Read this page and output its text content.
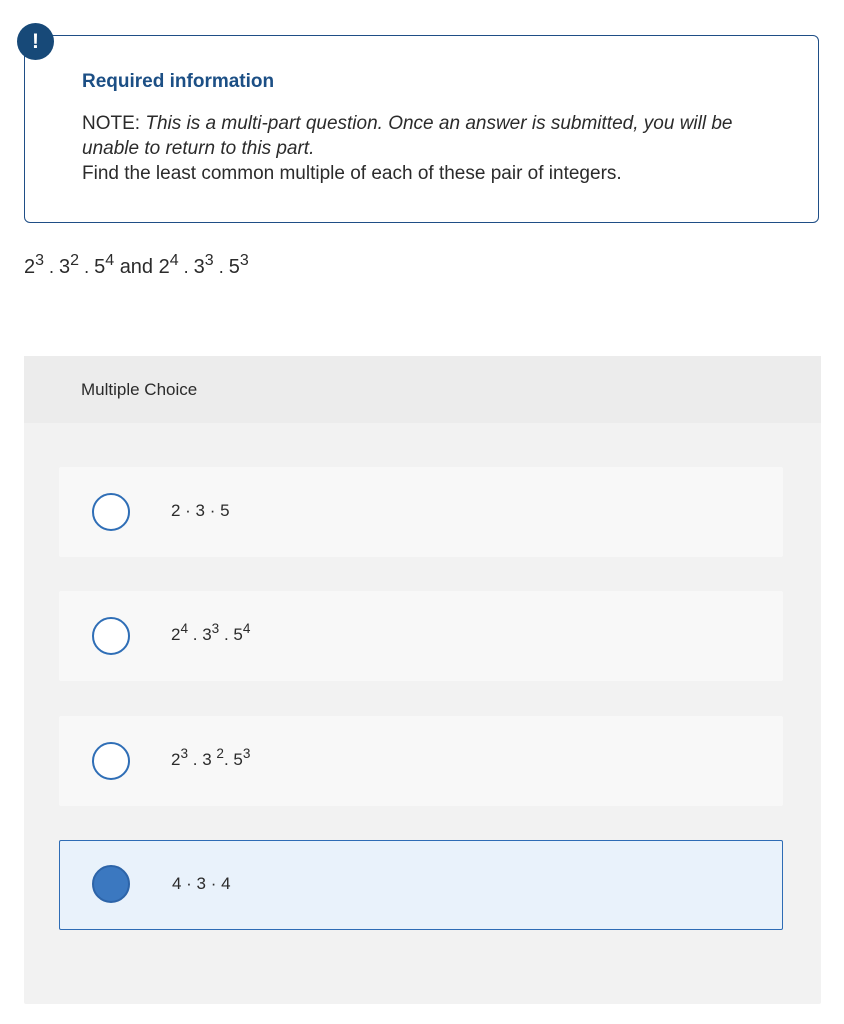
!
Required information

NOTE: This is a multi-part question. Once an answer is submitted, you will be unable to return to this part.
Find the least common multiple of each of these pair of integers.

$2^3$ . $3^2$ . $5^4$ and $2^4$ . $3^3$ . $5^3$

Multiple Choice
2 · 3 · 5
$2^4$ . $3^3$ . $5^4$
$2^3$ . 3 $^2$. $5^3$
4 · 3 · 4
